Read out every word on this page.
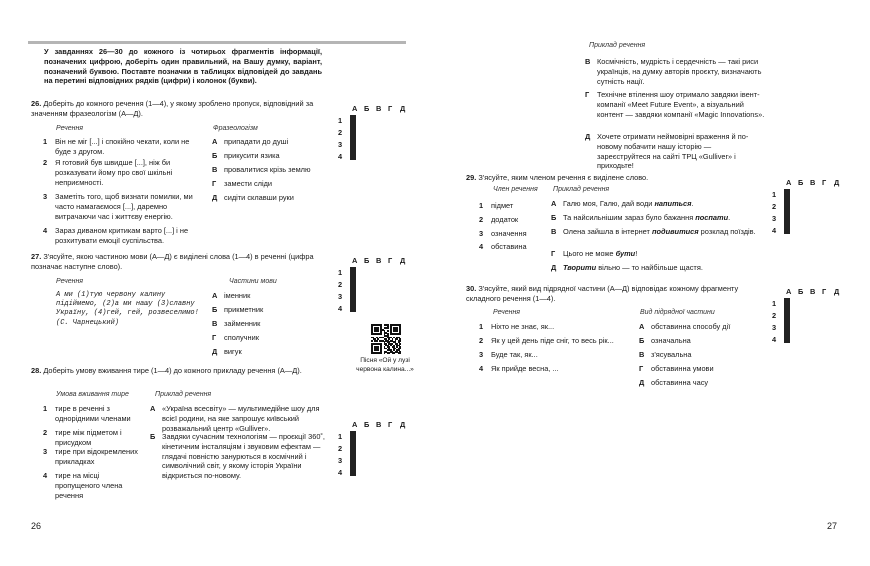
У завданнях 26—30 до кожного із чотирьох фрагментів інформації, позначених цифрою, доберіть один правильний, на Вашу думку, варіант, позначений буквою. Поставте позначки в таблицях відповідей до завдань на перетині відповідних рядків (цифри) і колонок (букви).
26. Доберіть до кожного речення (1—4), у якому зроблено пропуск, відповідний за значенням фразеологізм (А—Д).
Речення	Фразеологізм
1 Він не міг [...] і спокійно чекати, коли не буде з другом.
2 Я готовий був швидше [...], ніж би розказувати йому про свої шкільні неприємності.
3 Заметіть того, щоб визнати помилки, ми часто намагаємося [...], даремно витрачаючи час і життєву енергію.
4 Зараз диваном критикам варто [...] і не розхитувати емоції суспільства.
А припадати до душі
Б прикусити язика
В провалитися крізь землю
Г замести сліди
Д сидіти склавши руки
27. З'ясуйте, якою частиною мови (А—Д) є виділені слова (1—4) в реченні (цифра позначає наступне слово).
Речення	Частини мови
А ми (1)тую червону калину підіймемо, (2)а ми нашу (3)славну Україну, (4)гей, гей, розвеселимо! (С. Чарнецький)
А іменник
Б прикметник
В займенник
Г сполучник
Д вигук
Пісня «Ой у лузі червона калина...»
28. Доберіть умову вживання тире (1—4) до кожного прикладу речення (А—Д).
Умова вживання тире	Приклад речення
1 тире в реченні з однорідними членами
2 тире між підметом і присудком
3 тире при відокремлених прикладках
4 тире на місці пропущеного члена речення
А «Україна всесвіту» — мультимедійне шоу для всієї родини, на яке запрошує київський розважальний центр «Gulliver».
Б Завдяки сучасним технологіям — проєкції 360˚, кінетичним інсталяціям і звуковим ефектам — глядачі повністю занурються в космічний і символічний світ, у якому історія України відкриється по-новому.
26
Приклад речення
В Космічність, мудрість і сердечність — такі риси українців, на думку авторів проєкту, визначають сутність нації.
Г Технічне втілення шоу отримало завдяки івент-компанії «Meet Future Event», а візуальний контент — завдяки компанії «Magic Innovations».
Д Хочете отримати неймовірні враження й по-новому побачити нашу історію — зареєструйтеся на сайті ТРЦ «Gulliver» і приходьте!
29. З'ясуйте, яким членом речення є виділене слово.
Член речення Приклад речення
1 підмет
2 додаток
3 означення
4 обставина
А Галю моя, Галю, дай води напиться.
Б Та найсильнішим зараз було бажання поспати.
В Олена зайшла в інтернет подивитися розклад поїздів.
Г Цього не може бути!
Д Творити вільно — то найбільше щастя.
30. З'ясуйте, який вид підрядної частини (А—Д) відповідає кожному фрагменту складного речення (1—4).
Речення	Вид підрядної частини
1 Ніхто не знає, як...
2 Як у цей день піде сніг, то весь рік...
3 Буде так, як...
4 Як прийде весна, ...
А обставинна способу дії
Б означальна
В з'ясувальна
Г обставинна умови
Д обставинна часу
27
А Б В Г Д
1
2
3
4

А Б В Г Д
1
2
3
4

А Б В Г Д
1
2
3
4

А Б В Г Д
1
2
3
4

А Б В Г Д
1
2
3
4
